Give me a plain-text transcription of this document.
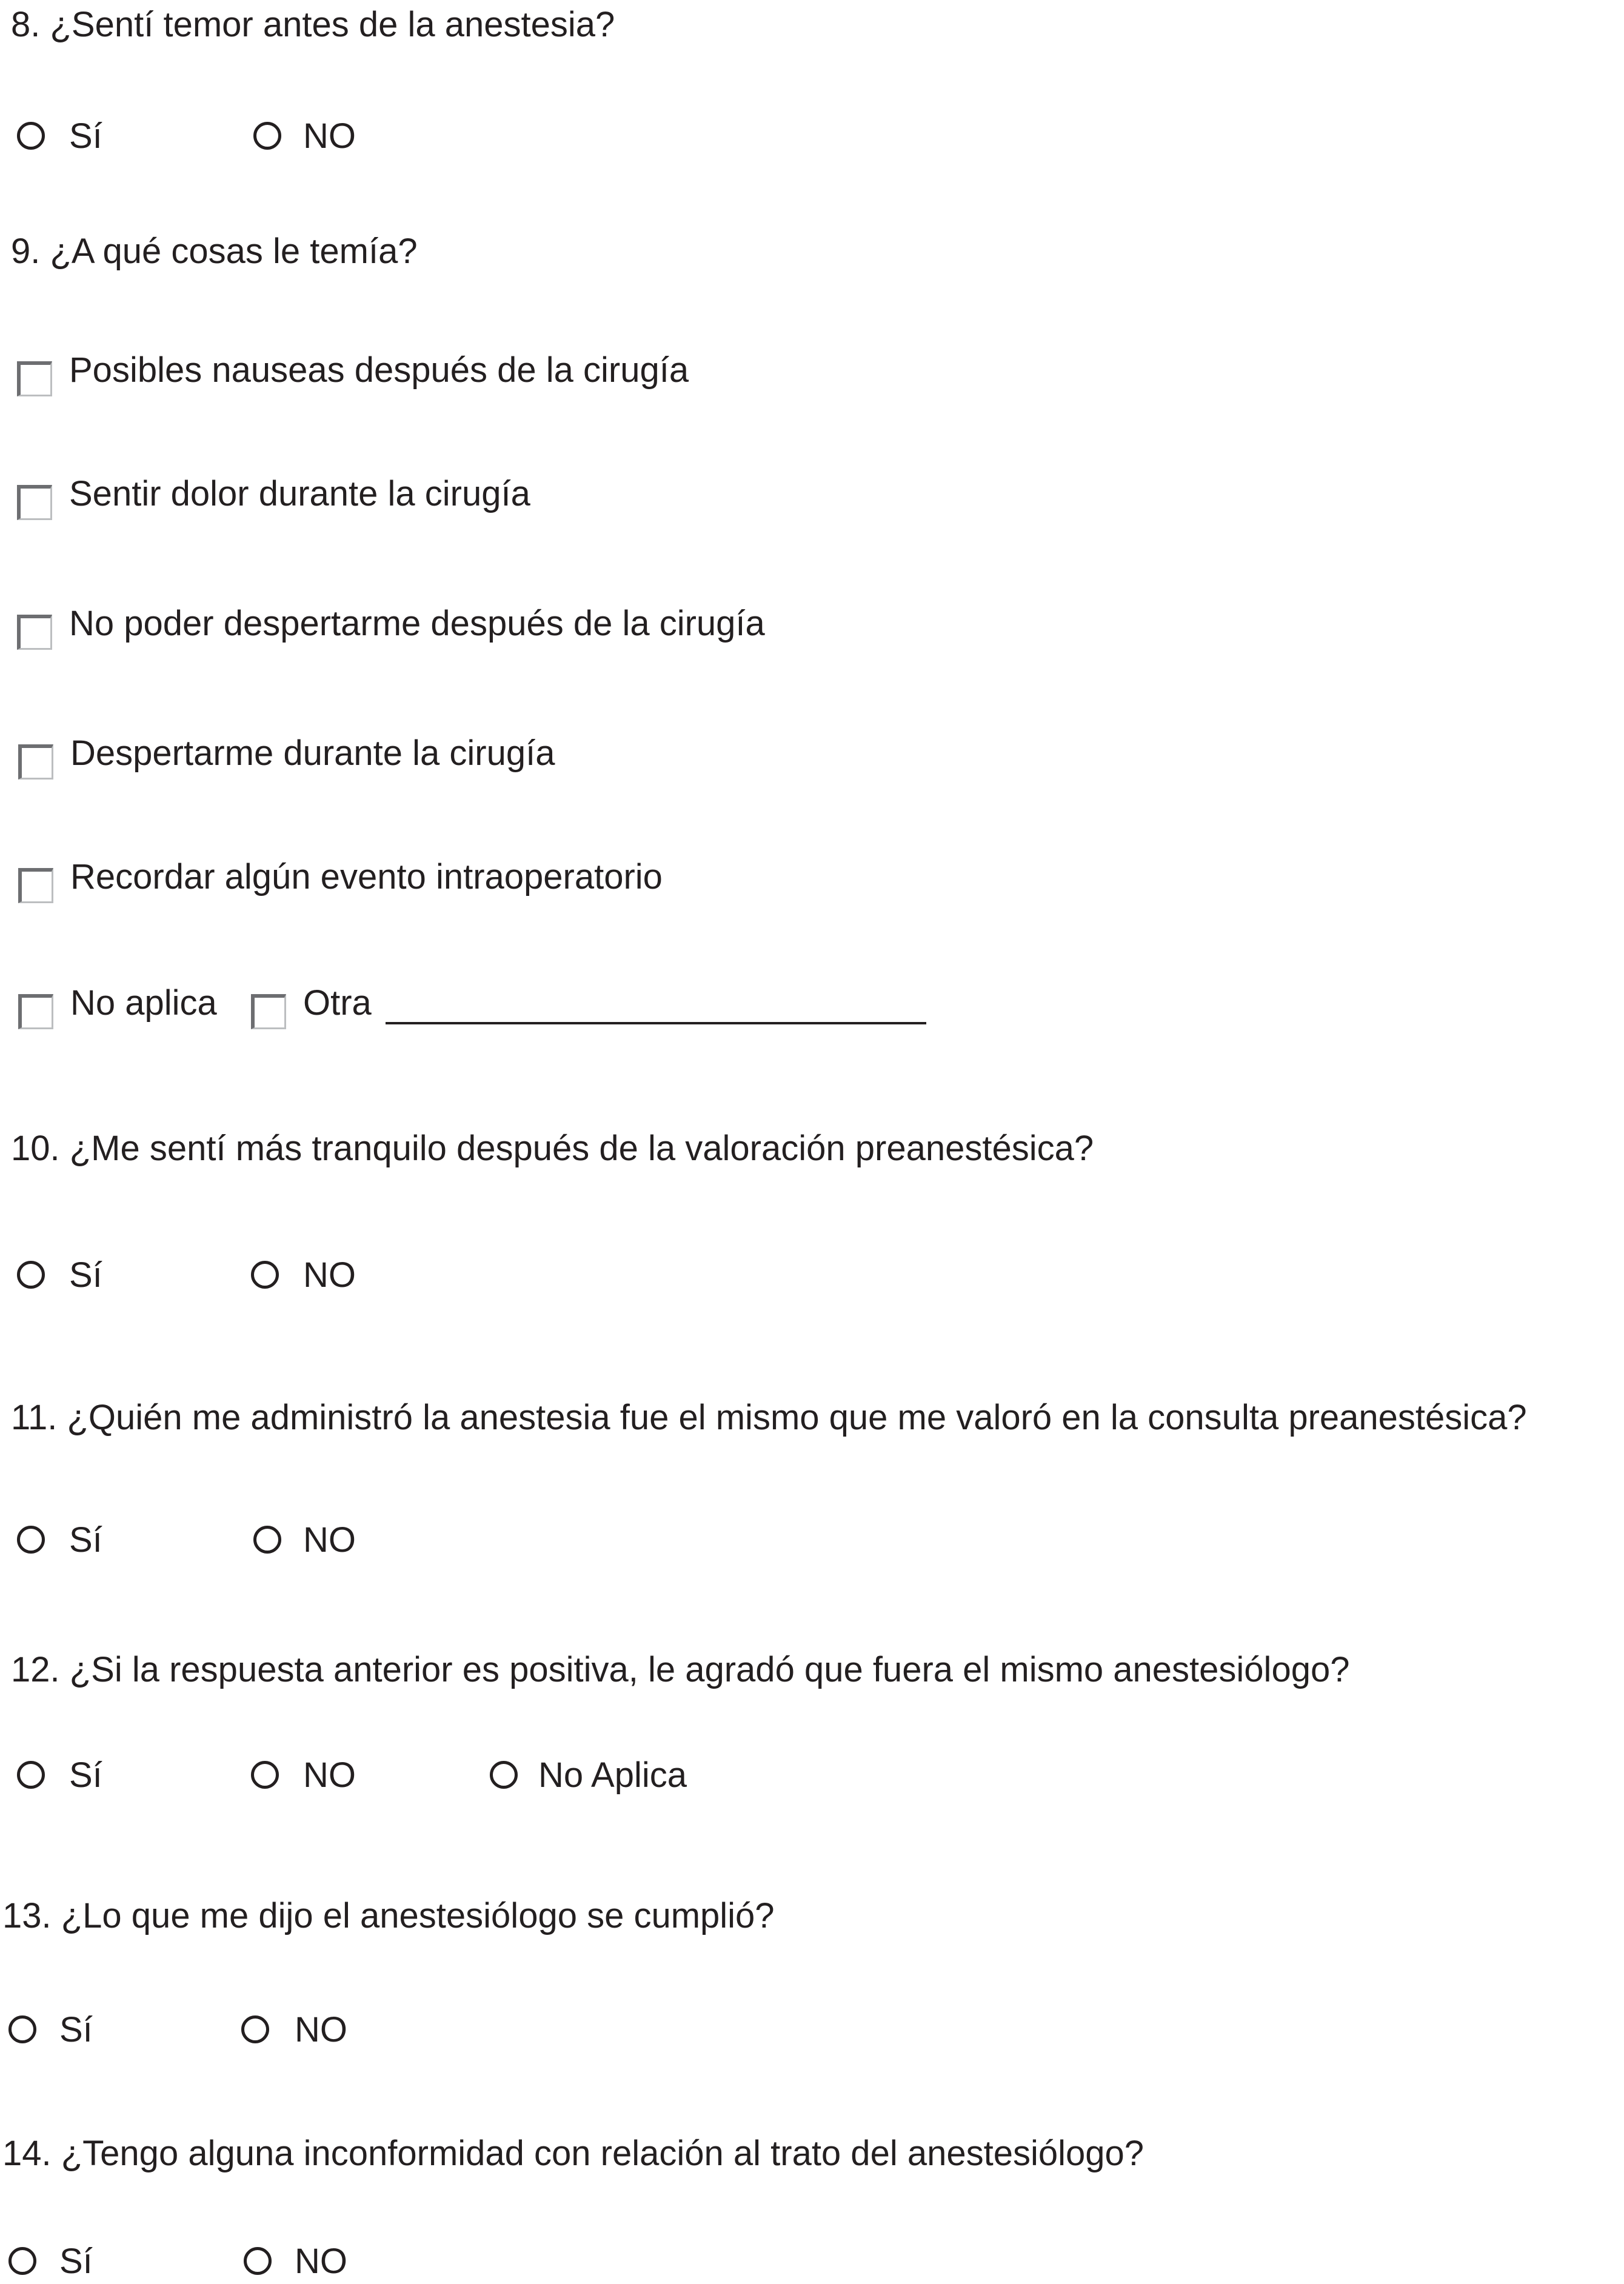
8. ¿Sentí temor antes de la anestesia?
Sí	NO
9. ¿A qué cosas le temía?
Posibles nauseas después de la cirugía
Sentir dolor durante la cirugía
No poder despertarme después de la cirugía
Despertarme durante la cirugía
Recordar algún evento intraoperatorio
No aplica Otra
10. ¿Me sentí más tranquilo después de la valoración preanestésica?
Sí	NO
11. ¿Quién me administró la anestesia fue el mismo que me valoró en la consulta preanestésica?
Sí	NO
12. ¿Si la respuesta anterior es positiva, le agradó que fuera el mismo anestesiólogo?
Sí	NO	No Aplica
13. ¿Lo que me dijo el anestesiólogo se cumplió?
Sí	NO
14. ¿Tengo alguna inconformidad con relación al trato del anestesiólogo?
Sí	NO
